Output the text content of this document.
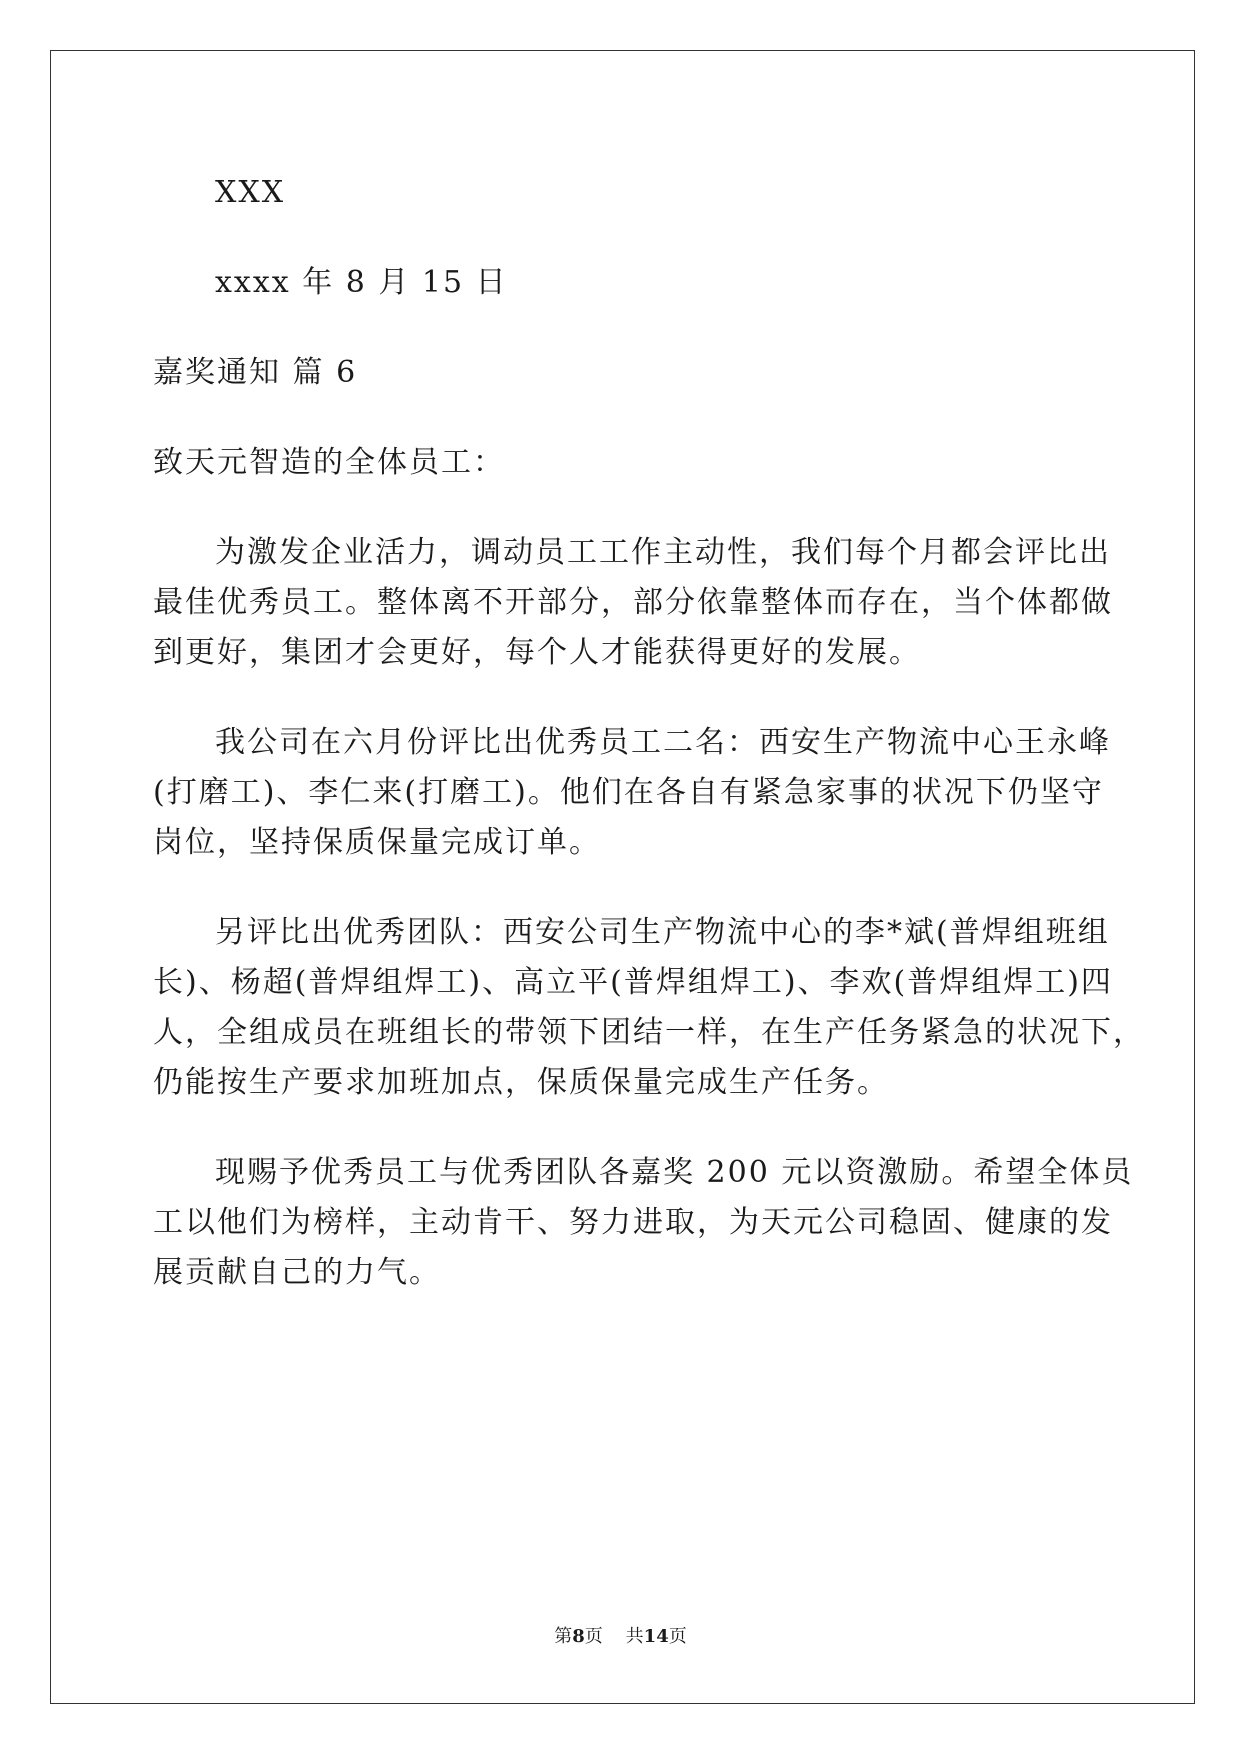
XXX

xxxx 年 8 月 15 日

嘉奖通知 篇 6

致天元智造的全体员工：

为激发企业活力，调动员工工作主动性，我们每个月都会评比出
最佳优秀员工。整体离不开部分，部分依靠整体而存在，当个体都做
到更好，集团才会更好，每个人才能获得更好的发展。

我公司在六月份评比出优秀员工二名：西安生产物流中心王永峰
(打磨工)、李仁来(打磨工)。他们在各自有紧急家事的状况下仍坚守
岗位，坚持保质保量完成订单。

另评比出优秀团队：西安公司生产物流中心的李*斌(普焊组班组
长)、杨超(普焊组焊工)、高立平(普焊组焊工)、李欢(普焊组焊工)四
人，全组成员在班组长的带领下团结一样，在生产任务紧急的状况下，
仍能按生产要求加班加点，保质保量完成生产任务。

现赐予优秀员工与优秀团队各嘉奖 200 元以资激励。希望全体员
工以他们为榜样，主动肯干、努力进取，为天元公司稳固、健康的发
展贡献自己的力气。

第8页 共14页
